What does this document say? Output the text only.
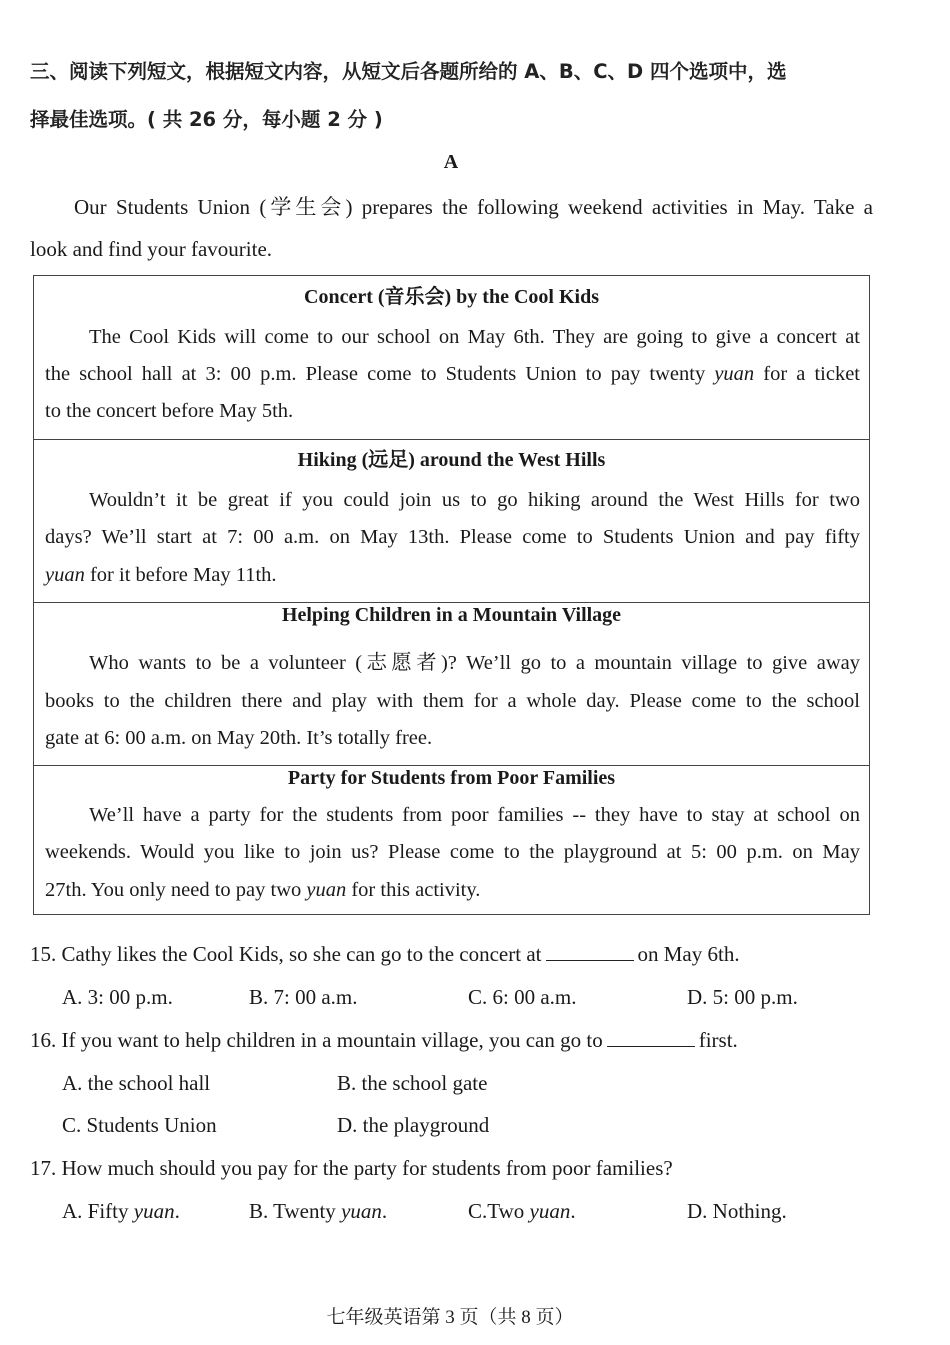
三、阅读下列短文，根据短文内容，从短文后各题所给的 A、B、C、D 四个选项中，选
择最佳选项。( 共 26 分，每小题 2 分 )
A
Our Students Union (学生会) prepares the following weekend activities in May. Take a
look and find your favourite.
Concert (音乐会) by the Cool Kids
The Cool Kids will come to our school on May 6th. They are going to give a concert at
the school hall at 3: 00 p.m. Please come to Students Union to pay twenty yuan for a ticket
to the concert before May 5th.
Hiking (远足) around the West Hills
Wouldn’t it be great if you could join us to go hiking around the West Hills for two
days? We’ll start at 7: 00 a.m. on May 13th. Please come to Students Union and pay fifty
yuan for it before May 11th.
Helping Children in a Mountain Village
Who wants to be a volunteer (志愿者)? We’ll go to a mountain village to give away
books to the children there and play with them for a whole day. Please come to the school
gate at 6: 00 a.m. on May 20th. It’s totally free.
Party for Students from Poor Families
We’ll have a party for the students from poor families -- they have to stay at school on
weekends. Would you like to join us? Please come to the playground at 5: 00 p.m. on May
27th. You only need to pay two yuan for this activity.
15. Cathy likes the Cool Kids, so she can go to the concert at	on May 6th.
A. 3: 00 p.m.	B. 7: 00 a.m.	C. 6: 00 a.m.	D. 5: 00 p.m.
16. If you want to help children in a mountain village, you can go to	first.
A. the school hall	B. the school gate
C. Students Union	D. the playground
17. How much should you pay for the party for students from poor families?
A. Fifty yuan.	B. Twenty yuan.	C.Two yuan.	D. Nothing.
七年级英语第 3 页（共 8 页）
